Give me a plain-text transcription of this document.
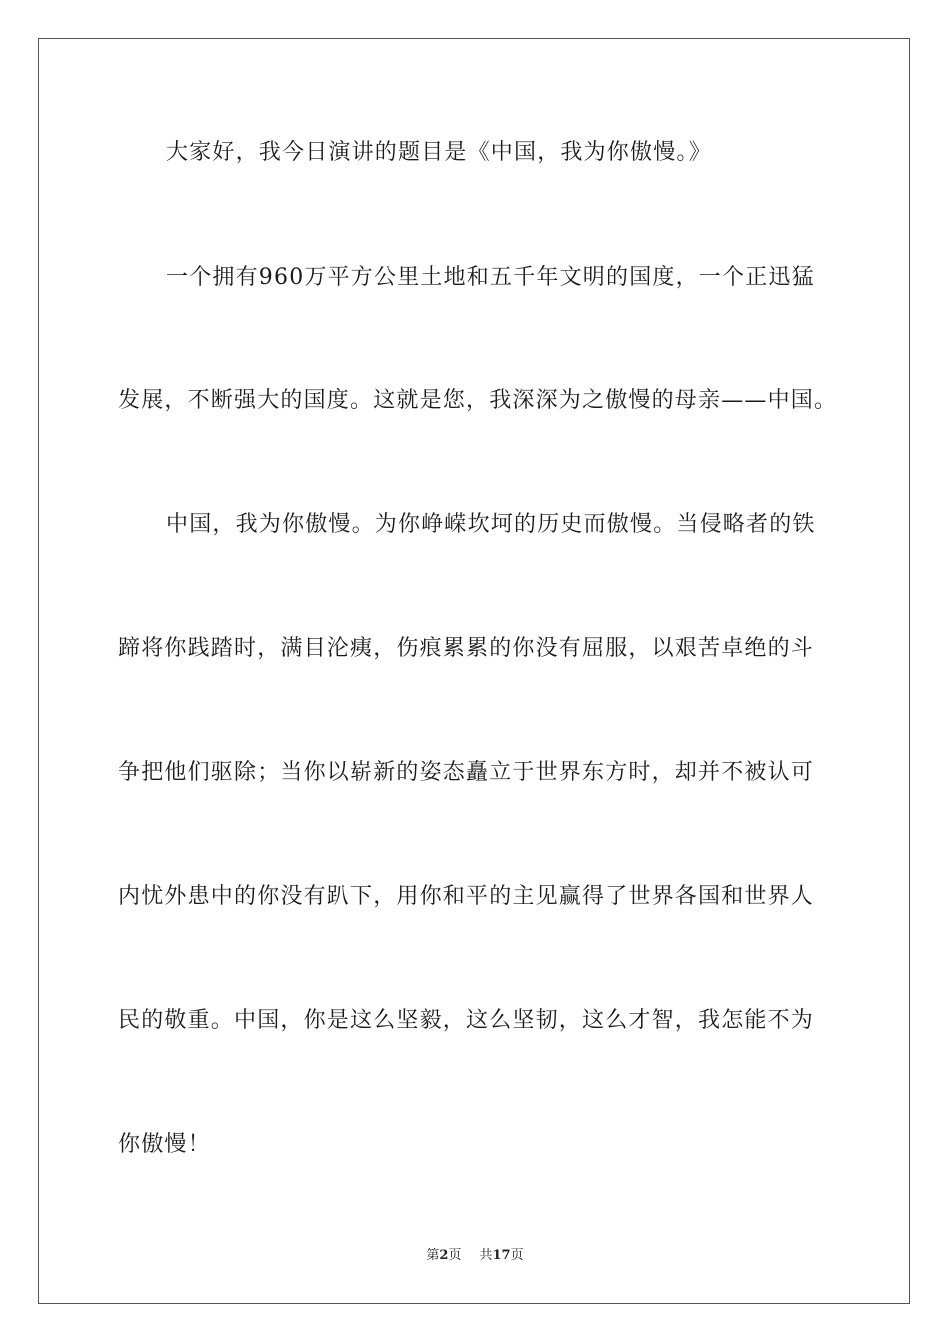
大家好，我今日演讲的题目是《中国，我为你傲慢。》
一个拥有960万平方公里土地和五千年文明的国度，一个正迅猛
发展，不断强大的国度。这就是您，我深深为之傲慢的母亲——中国。
中国，我为你傲慢。为你峥嵘坎坷的历史而傲慢。当侵略者的铁
蹄将你践踏时，满目沦痍，伤痕累累的你没有屈服，以艰苦卓绝的斗
争把他们驱除；当你以崭新的姿态矗立于世界东方时，却并不被认可
内忧外患中的你没有趴下，用你和平的主见赢得了世界各国和世界人
民的敬重。中国，你是这么坚毅，这么坚韧，这么才智，我怎能不为
你傲慢！
第2页 共17页
